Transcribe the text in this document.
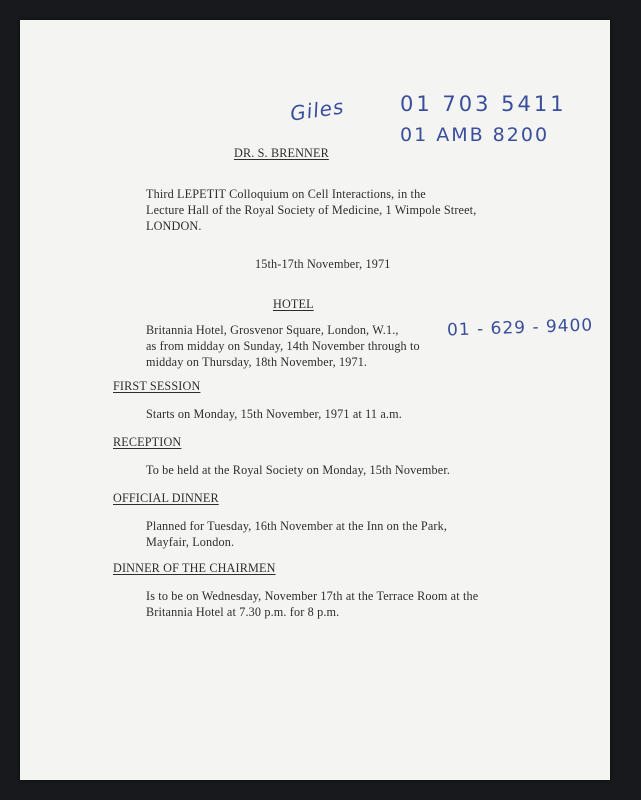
Giles	01 703 5411
01 AMB 8200
01 - 629 - 9400
DR. S. BRENNER
Third LEPETIT Colloquium on Cell Interactions, in the
Lecture Hall of the Royal Society of Medicine, 1 Wimpole Street,
LONDON.
15th-17th November, 1971
HOTEL
Britannia Hotel, Grosvenor Square, London, W.1.,
as from midday on Sunday, 14th November through to
midday on Thursday, 18th November, 1971.
FIRST SESSION
Starts on Monday, 15th November, 1971 at 11 a.m.
RECEPTION
To be held at the Royal Society on Monday, 15th November.
OFFICIAL DINNER
Planned for Tuesday, 16th November at the Inn on the Park,
Mayfair, London.
DINNER OF THE CHAIRMEN
Is to be on Wednesday, November 17th at the Terrace Room at the
Britannia Hotel at 7.30 p.m. for 8 p.m.
